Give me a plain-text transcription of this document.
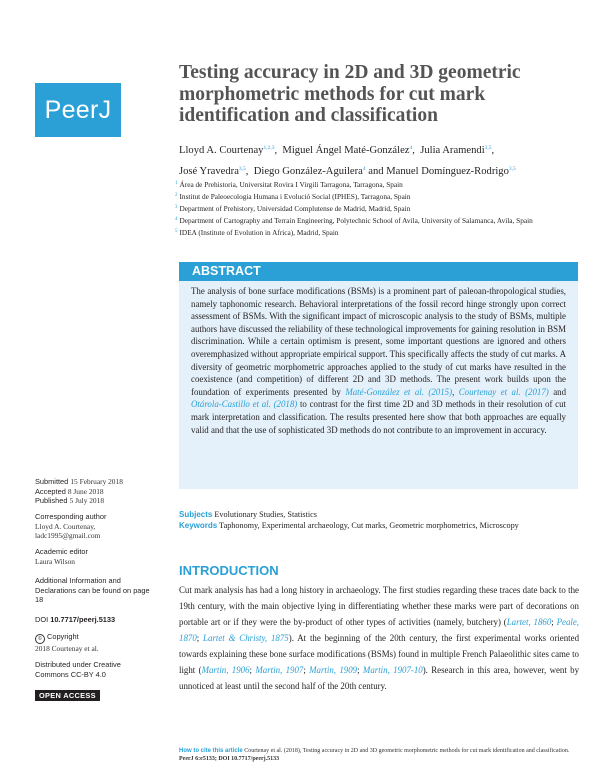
PeerJ
Testing accuracy in 2D and 3D geometric morphometric methods for cut mark identification and classification
Lloyd A. Courtenay$^{1,2,3}$,  Miguel Ángel Maté-González$^4$,  Julia Aramendi$^{3,5}$,
José Yravedra$^{3,5}$,  Diego González-Aguilera$^4$ and Manuel Domínguez-Rodrigo$^{3,5}$
$^1$ Área de Prehistoria, Universitat Rovira I Virgili Tarragona, Tarragona, Spain
$^2$ Institut de Paleoecologia Humana i Evolució Social (IPHES), Tarragona, Spain
$^3$ Department of Prehistory, Universidad Complutense de Madrid, Madrid, Spain
$^4$ Department of Cartography and Terrain Engineering, Polytechnic School of Avila, University of Salamanca, Avila, Spain
$^5$ IDEA (Institute of Evolution in Africa), Madrid, Spain
ABSTRACT
The analysis of bone surface modifications (BSMs) is a prominent part of paleoan-thropological studies, namely taphonomic research. Behavioral interpretations of the fossil record hinge strongly upon correct assessment of BSMs. With the significant impact of microscopic analysis to the study of BSMs, multiple authors have discussed the reliability of these technological improvements for gaining resolution in BSM discrimination. While a certain optimism is present, some important questions are ignored and others overemphasized without appropriate empirical support. This specifically affects the study of cut marks. A diversity of geometric morphometric approaches applied to the study of cut marks have resulted in the coexistence (and competition) of different 2D and 3D methods. The present work builds upon the foundation of experiments presented by Maté-González et al. (2015), Courtenay et al. (2017) and Otárola-Castillo et al. (2018) to contrast for the first time 2D and 3D methods in their resolution of cut mark interpretation and classification. The results presented here show that both approaches are equally valid and that the use of sophisticated 3D methods do not contribute to an improvement in accuracy.
Subjects Evolutionary Studies, Statistics
Keywords Taphonomy, Experimental archaeology, Cut marks, Geometric morphometrics, Microscopy
INTRODUCTION

Cut mark analysis has had a long history in archaeology. The first studies regarding these traces date back to the 19th century, with the main objective lying in differentiating whether these marks were part of decorations on portable art or if they were the by-product of other types of activities (namely, butchery) (Lartet, 1860; Peale, 1870; Lartet & Christy, 1875). At the beginning of the 20th century, the first experimental works oriented towards explaining these bone surface modifications (BSMs) found in multiple French Palaeolithic sites came to light (Martin, 1906; Martin, 1907; Martin, 1909; Martin, 1907-10). Research in this area, however, went by unnoticed at least until the second half of the 20th century.

Submitted 15 February 2018
Accepted 8 June 2018
Published 5 July 2018
Corresponding author
Lloyd A. Courtenay,
ladc1995@gmail.com
Academic editor
Laura Wilson
Additional Information and Declarations can be found on page 18
DOI 10.7717/peerj.5133
© Copyright
2018 Courtenay et al.
Distributed under Creative Commons CC-BY 4.0
OPEN ACCESS
How to cite this article Courtenay et al. (2018), Testing accuracy in 2D and 3D geometric morphometric methods for cut mark identification and classification. PeerJ 6:e5133; DOI 10.7717/peerj.5133
